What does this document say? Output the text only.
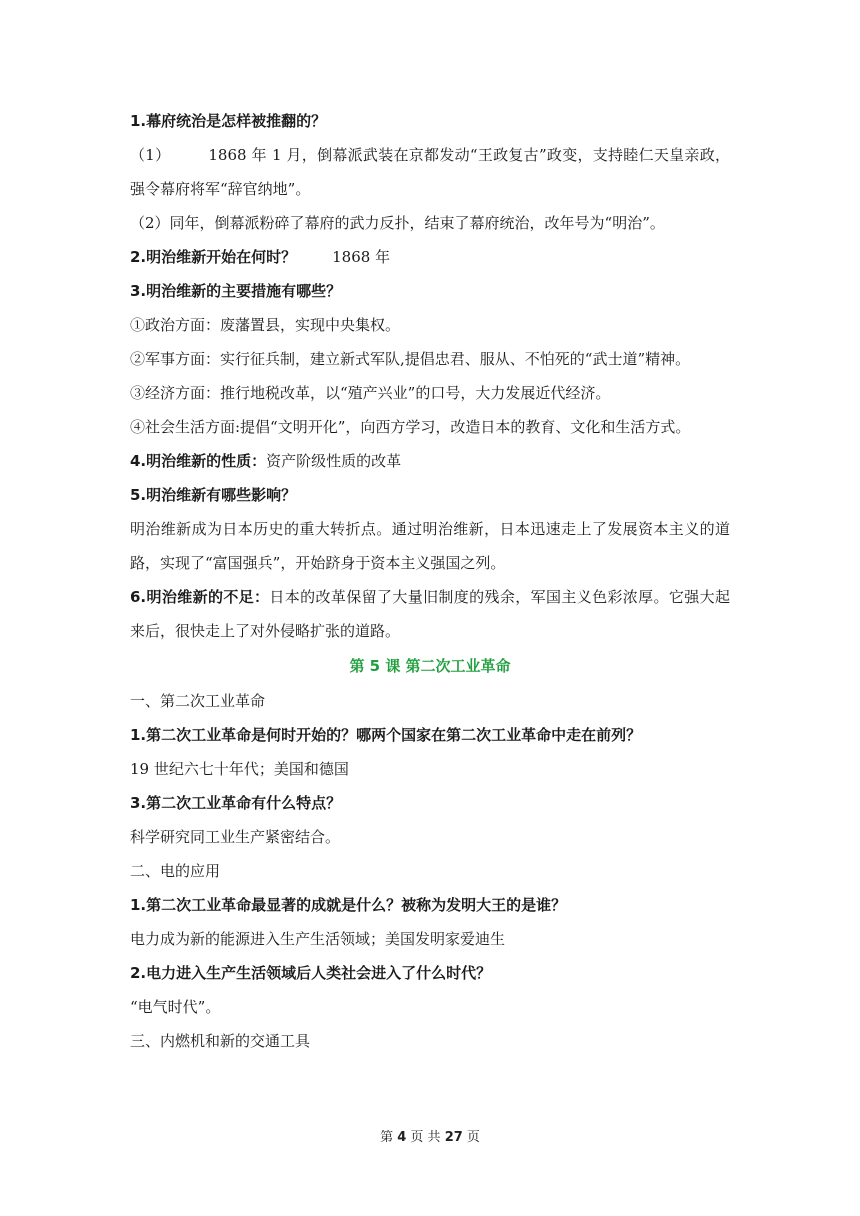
1.幕府统治是怎样被推翻的？
（1）	1868 年 1 月，倒幕派武装在京都发动“王政复古”政变，支持睦仁天皇亲政，强令幕府将军“辞官纳地”。
（2）同年，倒幕派粉碎了幕府的武力反扑，结束了幕府统治，改年号为“明治”。
2.明治维新开始在何时？ 1868 年
3.明治维新的主要措施有哪些？
①政治方面：废藩置县，实现中央集权。
②军事方面：实行征兵制，建立新式军队,提倡忠君、服从、不怕死的“武士道”精神。
③经济方面：推行地税改革，以“殖产兴业”的口号，大力发展近代经济。
④社会生活方面:提倡“文明开化”，向西方学习，改造日本的教育、文化和生活方式。
4.明治维新的性质：资产阶级性质的改革
5.明治维新有哪些影响？
明治维新成为日本历史的重大转折点。通过明治维新，日本迅速走上了发展资本主义的道路，实现了“富国强兵”，开始跻身于资本主义强国之列。
6.明治维新的不足：日本的改革保留了大量旧制度的残余，军国主义色彩浓厚。它强大起来后，很快走上了对外侵略扩张的道路。
第 5 课 第二次工业革命
一、第二次工业革命
1.第二次工业革命是何时开始的？哪两个国家在第二次工业革命中走在前列？
19 世纪六七十年代；美国和德国
3.第二次工业革命有什么特点？
科学研究同工业生产紧密结合。
二、电的应用
1.第二次工业革命最显著的成就是什么？被称为发明大王的是谁？
电力成为新的能源进入生产生活领域；美国发明家爱迪生
2.电力进入生产生活领域后人类社会进入了什么时代？
“电气时代”。
三、内燃机和新的交通工具
第 4 页 共 27 页
